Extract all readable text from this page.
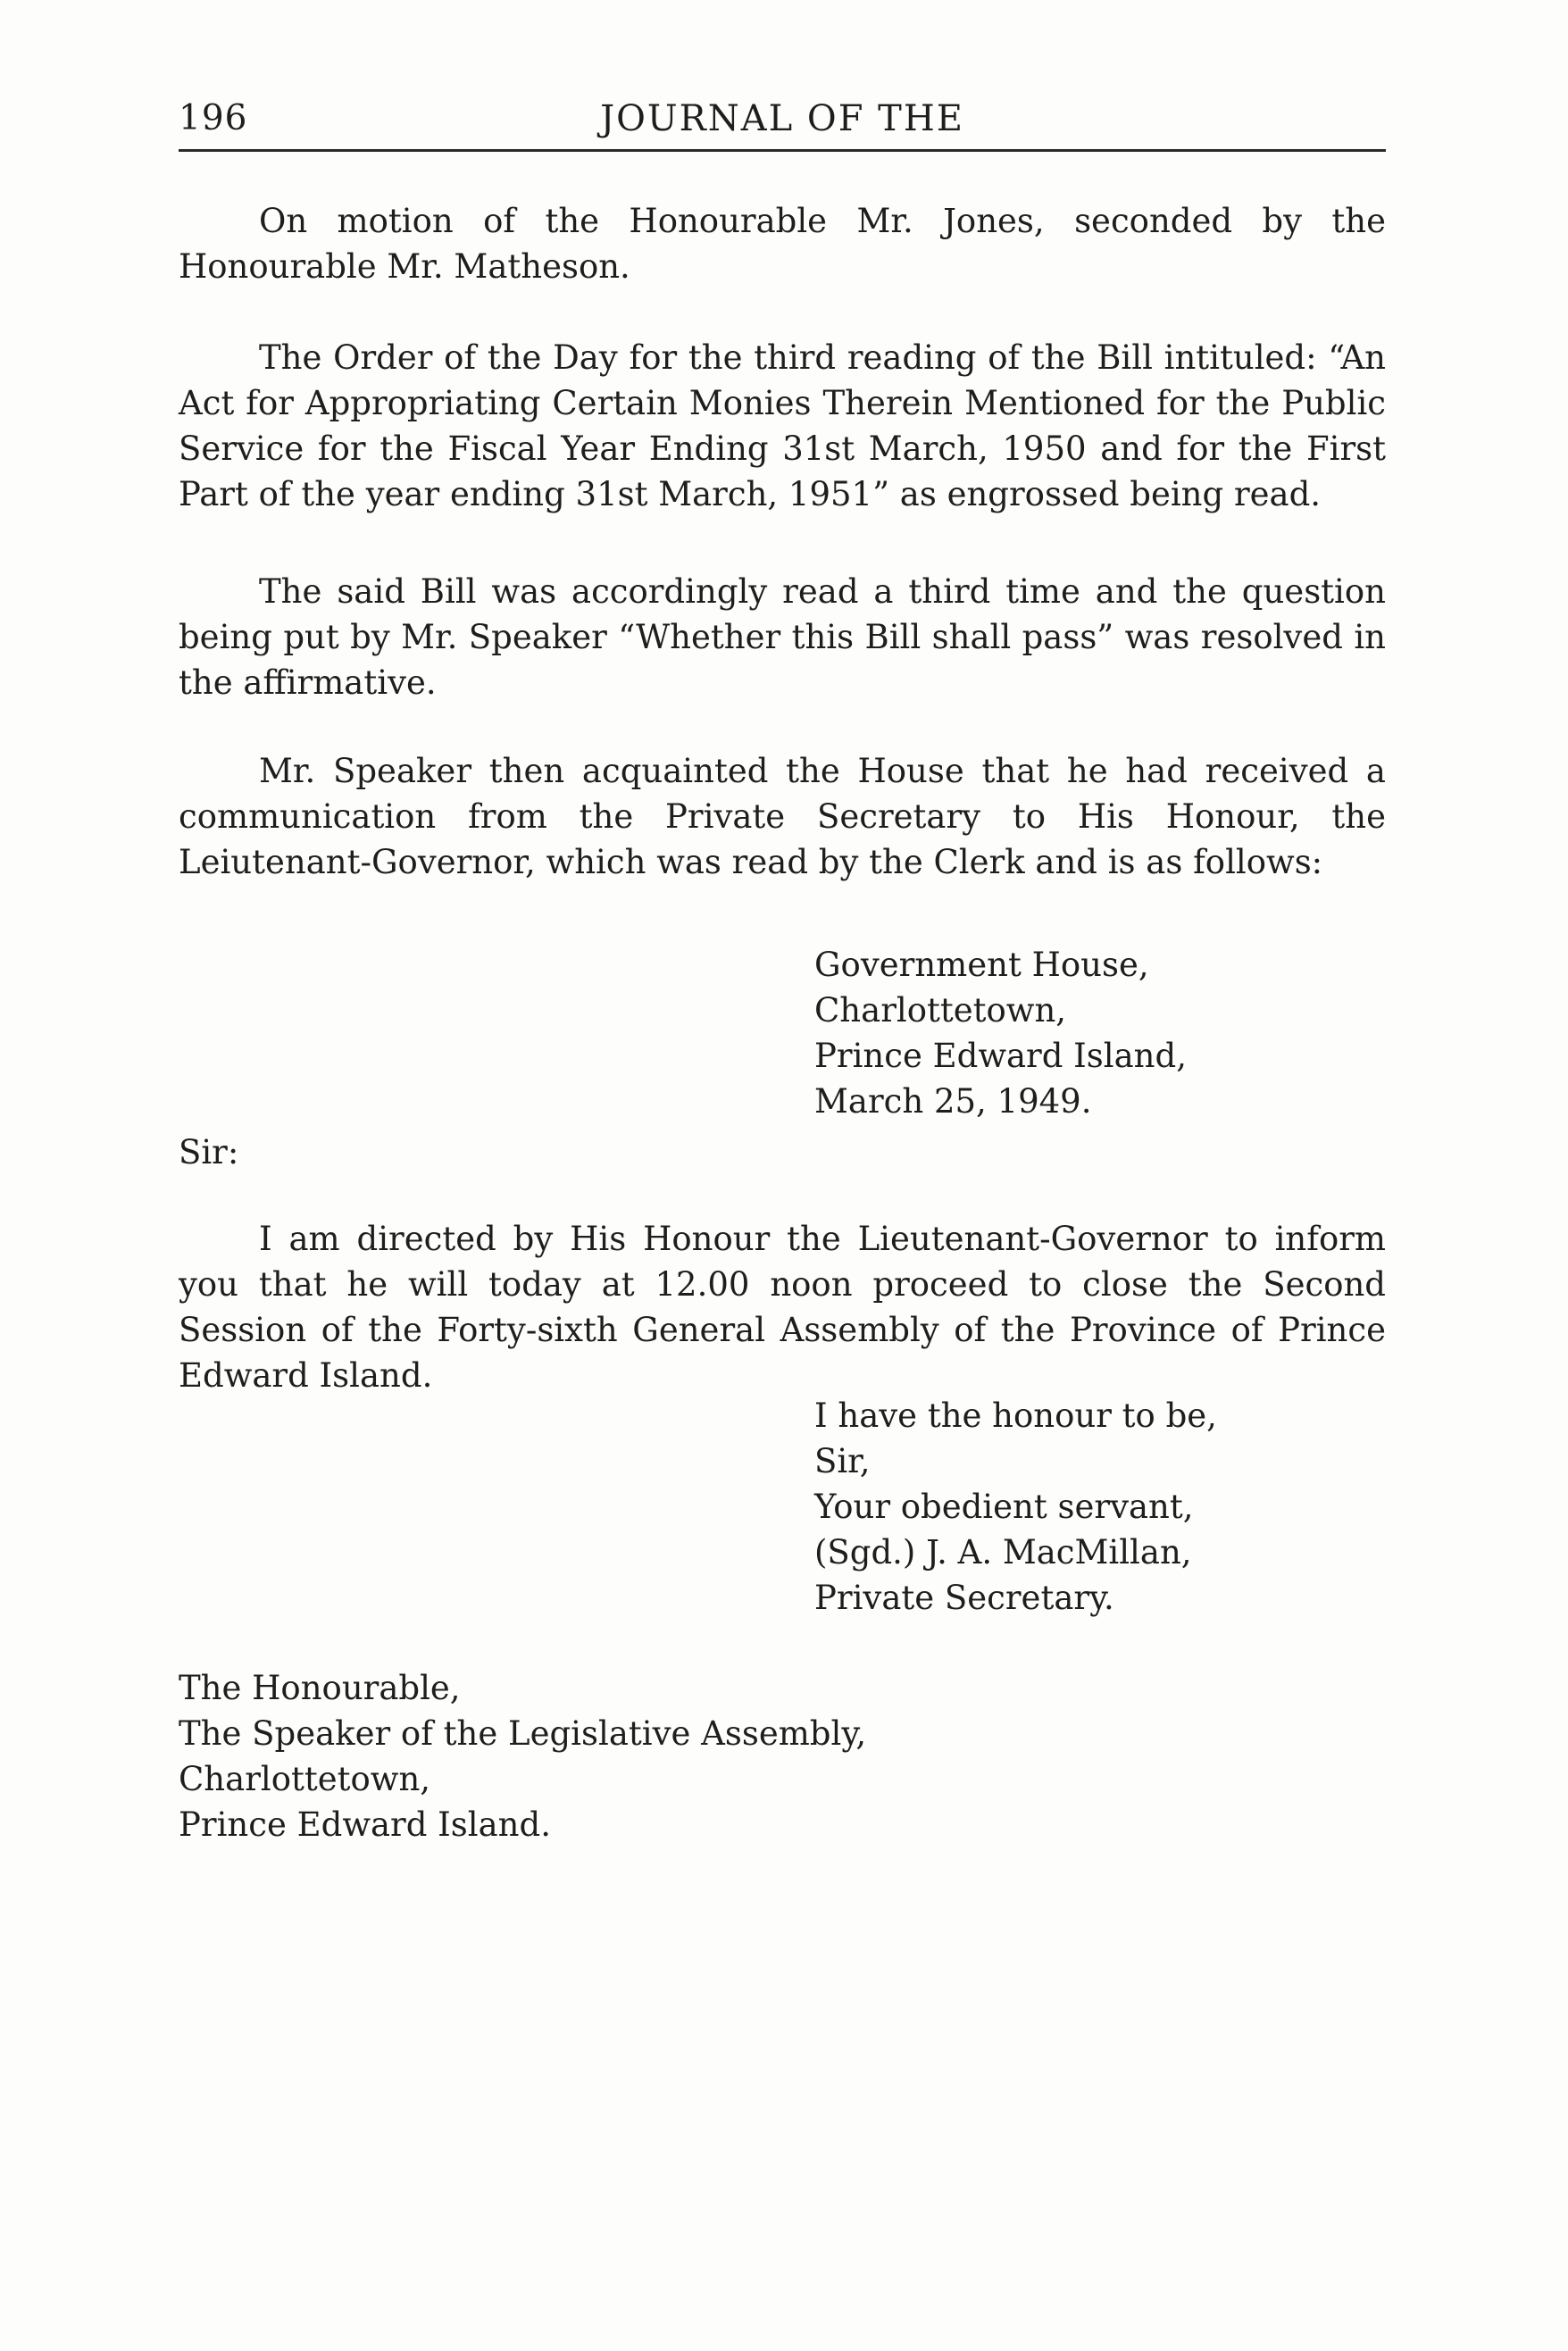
196	JOURNAL OF THE

On motion of the Honourable Mr. Jones, seconded by the Honourable Mr. Matheson.

The Order of the Day for the third reading of the Bill intituled: “An Act for Appropriating Certain Monies Therein Mentioned for the Public Service for the Fiscal Year Ending 31st March, 1950 and for the First Part of the year ending 31st March, 1951” as engrossed being read.

The said Bill was accordingly read a third time and the question being put by Mr. Speaker “Whether this Bill shall pass” was resolved in the affirmative.

Mr. Speaker then acquainted the House that he had received a communication from the Private Secretary to His Honour, the Leiutenant-Governor, which was read by the Clerk and is as follows:

Government House,
Charlottetown,
Prince Edward Island,
March 25, 1949.
Sir:

I am directed by His Honour the Lieutenant-Governor to inform you that he will today at 12.00 noon proceed to close the Second Session of the Forty-sixth General Assembly of the Province of Prince Edward Island.

I have the honour to be,
Sir,
Your obedient servant,
(Sgd.) J. A. MacMillan,
Private Secretary.
The Honourable,
The Speaker of the Legislative Assembly,
Charlottetown,
Prince Edward Island.
